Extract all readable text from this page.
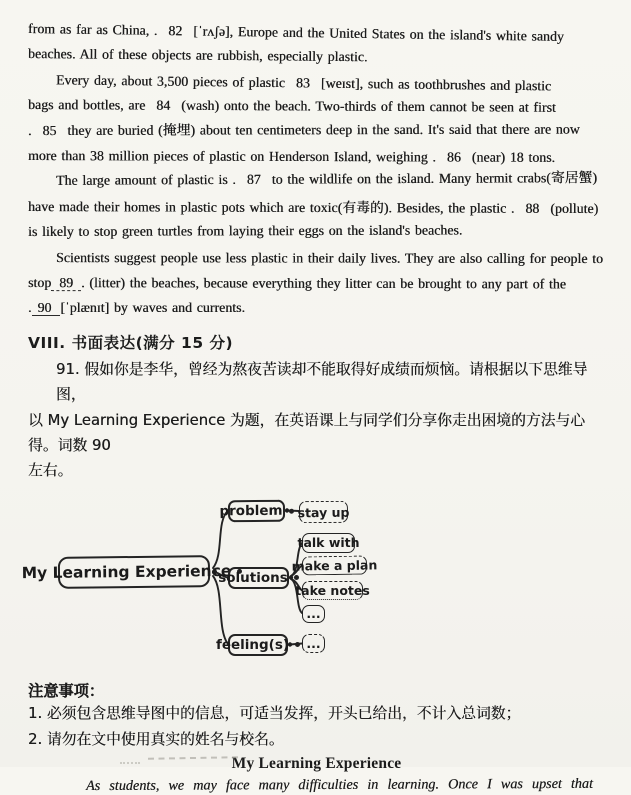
from as far as China, . 82 [ˈrʌʃə], Europe and the United States on the island's white sandy
beaches. All of these objects are rubbish, especially plastic.
Every day, about 3,500 pieces of plastic 83 [weɪst], such as toothbrushes and plastic
bags and bottles, are 84 (wash) onto the beach. Two-thirds of them cannot be seen at first
. 85 they are buried (掩埋) about ten centimeters deep in the sand. It's said that there are now
more than 38 million pieces of plastic on Henderson Island, weighing . 86 (near) 18 tons.
The large amount of plastic is . 87 to the wildlife on the island. Many hermit crabs(寄居蟹)
have made their homes in plastic pots which are toxic(有毒的). Besides, the plastic . 88 (pollute)
is likely to stop green turtles from laying their eggs on the island's beaches.
Scientists suggest people use less plastic in their daily lives. They are also calling for people to
stop 89 . (litter) the beaches, because everything they litter can be brought to any part of the
. 90 [ˈplænɪt] by waves and currents.
VIII. 书面表达(满分 15 分)
91. 假如你是李华，曾经为熬夜苦读却不能取得好成绩而烦恼。请根据以下思维导图，
以 My Learning Experience 为题，在英语课上与同学们分享你走出困境的方法与心得。词数 90
左右。
My Learning Experience
problem stay up
solutions
talk with
make a plan
take notes
...
feeling(s) ...
注意事项：
1. 必须包含思维导图中的信息，可适当发挥，开头已给出，不计入总词数；
2. 请勿在文中使用真实的姓名与校名。
My Learning Experience
As students, we may face many difficulties in learning. Once I was upset that
